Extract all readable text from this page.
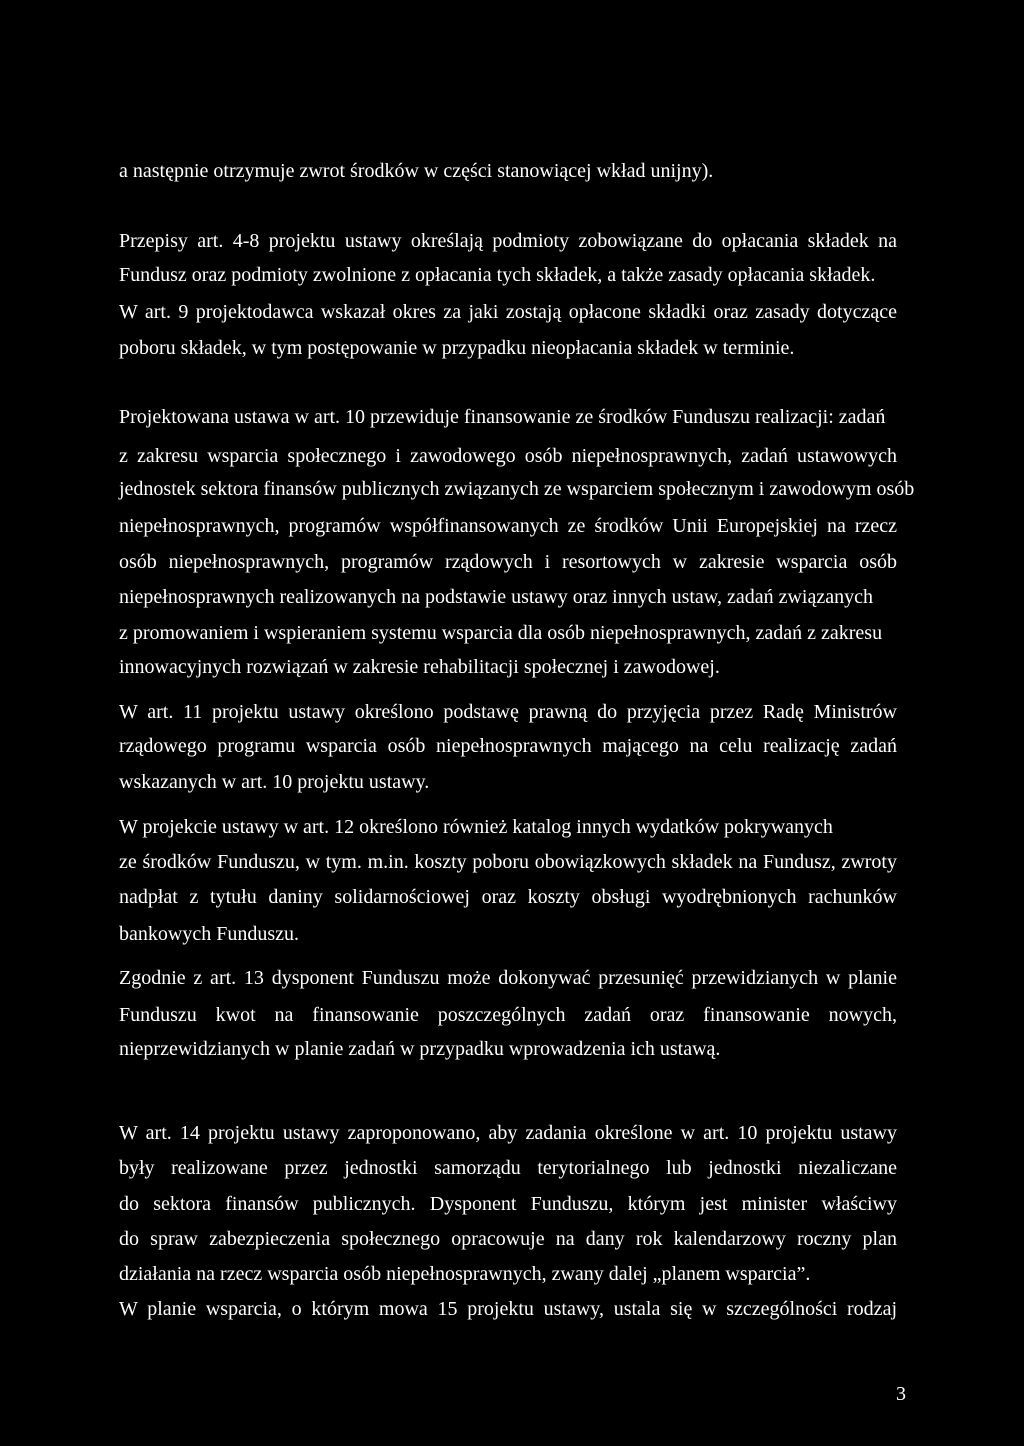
a następnie otrzymuje zwrot środków w części stanowiącej wkład unijny).
Przepisy art. 4-8 projektu ustawy określają podmioty zobowiązane do opłacania składek na
Fundusz oraz podmioty zwolnione z opłacania tych składek, a także zasady opłacania składek.
W art. 9 projektodawca wskazał okres za jaki zostają opłacone składki oraz zasady dotyczące
poboru składek, w tym postępowanie w przypadku nieopłacania składek w terminie.
Projektowana ustawa w art. 10 przewiduje finansowanie ze środków Funduszu realizacji: zadań
z zakresu wsparcia społecznego i zawodowego osób niepełnosprawnych, zadań ustawowych
jednostek sektora finansów publicznych związanych ze wsparciem społecznym i zawodowym osób
niepełnosprawnych, programów współfinansowanych ze środków Unii Europejskiej na rzecz
osób niepełnosprawnych, programów rządowych i resortowych w zakresie wsparcia osób
niepełnosprawnych realizowanych na podstawie ustawy oraz innych ustaw, zadań związanych
z promowaniem i wspieraniem systemu wsparcia dla osób niepełnosprawnych, zadań z zakresu
innowacyjnych rozwiązań w zakresie rehabilitacji społecznej i zawodowej.
W art. 11 projektu ustawy określono podstawę prawną do przyjęcia przez Radę Ministrów
rządowego programu wsparcia osób niepełnosprawnych mającego na celu realizację zadań
wskazanych w art. 10 projektu ustawy.
W projekcie ustawy w art. 12 określono również katalog innych wydatków pokrywanych
ze środków Funduszu, w tym. m.in. koszty poboru obowiązkowych składek na Fundusz, zwroty
nadpłat z tytułu daniny solidarnościowej oraz koszty obsługi wyodrębnionych rachunków
bankowych Funduszu.
Zgodnie z art. 13 dysponent Funduszu może dokonywać przesunięć przewidzianych w planie
Funduszu kwot na finansowanie poszczególnych zadań oraz finansowanie nowych,
nieprzewidzianych w planie zadań w przypadku wprowadzenia ich ustawą.
W art. 14 projektu ustawy zaproponowano, aby zadania określone w art. 10 projektu ustawy
były realizowane przez jednostki samorządu terytorialnego lub jednostki niezaliczane
do sektora finansów publicznych. Dysponent Funduszu, którym jest minister właściwy
do spraw zabezpieczenia społecznego opracowuje na dany rok kalendarzowy roczny plan
działania na rzecz wsparcia osób niepełnosprawnych, zwany dalej „planem wsparcia”.
W planie wsparcia, o którym mowa 15 projektu ustawy, ustala się w szczególności rodzaj
3
